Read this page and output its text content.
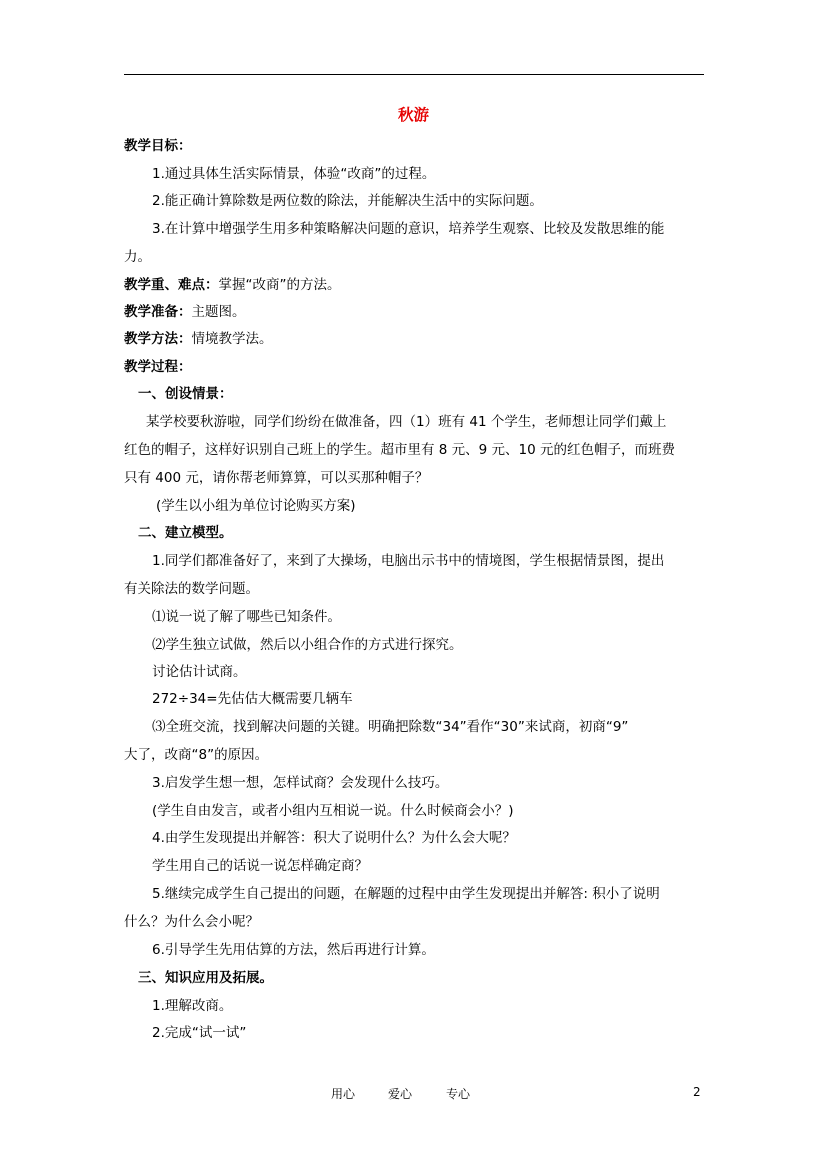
秋游
教学目标：
1.通过具体生活实际情景，体验“改商”的过程。
2.能正确计算除数是两位数的除法，并能解决生活中的实际问题。
3.在计算中增强学生用多种策略解决问题的意识，培养学生观察、比较及发散思维的能
力。
教学重、难点：掌握“改商”的方法。
教学准备：主题图。
教学方法：情境教学法。
教学过程：
一、创设情景：
某学校要秋游啦，同学们纷纷在做准备，四（1）班有 41 个学生，老师想让同学们戴上
红色的帽子，这样好识别自己班上的学生。超市里有 8 元、9 元、10 元的红色帽子，而班费
只有 400 元，请你帮老师算算，可以买那种帽子？
(学生以小组为单位讨论购买方案)
二、建立模型。
1.同学们都准备好了，来到了大操场，电脑出示书中的情境图，学生根据情景图，提出
有关除法的数学问题。
⑴说一说了解了哪些已知条件。
⑵学生独立试做，然后以小组合作的方式进行探究。
讨论估计试商。
272÷34=先估估大概需要几辆车
⑶全班交流，找到解决问题的关键。明确把除数“34”看作“30”来试商，初商“9”
大了，改商“8”的原因。
3.启发学生想一想，怎样试商？会发现什么技巧。
(学生自由发言，或者小组内互相说一说。什么时候商会小？)
4.由学生发现提出并解答：积大了说明什么？为什么会大呢？
学生用自己的话说一说怎样确定商？
5.继续完成学生自己提出的问题，在解题的过程中由学生发现提出并解答: 积小了说明
什么？为什么会小呢？
6.引导学生先用估算的方法，然后再进行计算。
三、知识应用及拓展。
1.理解改商。
2.完成“试一试”
用心	爱心	专心	2
